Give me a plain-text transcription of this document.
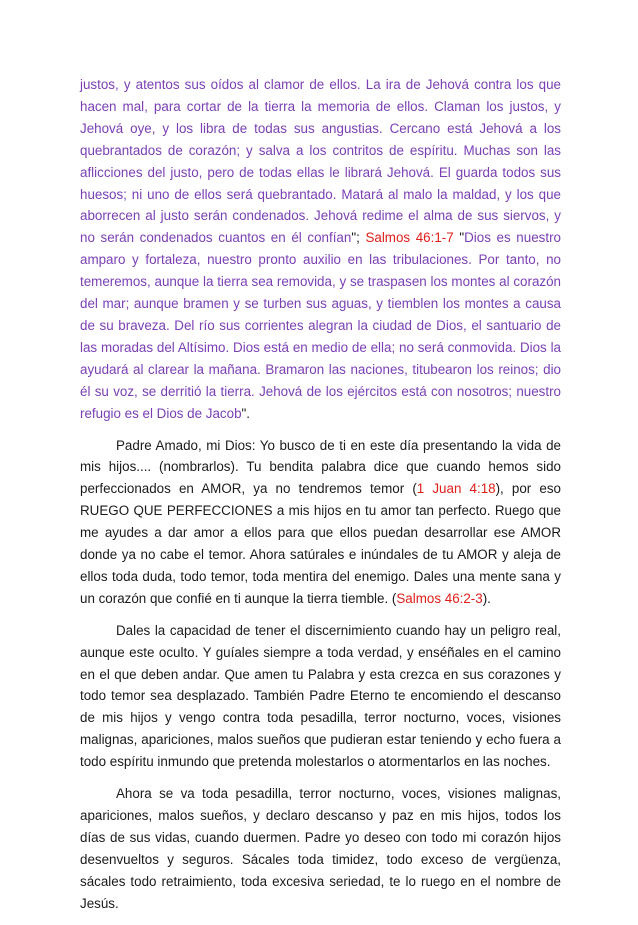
justos, y atentos sus oídos al clamor de ellos. La ira de Jehová contra los que hacen mal, para cortar de la tierra la memoria de ellos. Claman los justos, y Jehová oye, y los libra de todas sus angustias. Cercano está Jehová a los quebrantados de corazón; y salva a los contritos de espíritu. Muchas son las aflicciones del justo, pero de todas ellas le librará Jehová. El guarda todos sus huesos; ni uno de ellos será quebrantado. Matará al malo la maldad, y los que aborrecen al justo serán condenados. Jehová redime el alma de sus siervos, y no serán condenados cuantos en él confían"; Salmos 46:1-7 "Dios es nuestro amparo y fortaleza, nuestro pronto auxilio en las tribulaciones. Por tanto, no temeremos, aunque la tierra sea removida, y se traspasen los montes al corazón del mar; aunque bramen y se turben sus aguas, y tiemblen los montes a causa de su braveza. Del río sus corrientes alegran la ciudad de Dios, el santuario de las moradas del Altísimo. Dios está en medio de ella; no será conmovida. Dios la ayudará al clarear la mañana. Bramaron las naciones, titubearon los reinos; dio él su voz, se derritió la tierra. Jehová de los ejércitos está con nosotros; nuestro refugio es el Dios de Jacob".

Padre Amado, mi Dios: Yo busco de ti en este día presentando la vida de mis hijos.... (nombrarlos). Tu bendita palabra dice que cuando hemos sido perfeccionados en AMOR, ya no tendremos temor (1 Juan 4:18), por eso RUEGO QUE PERFECCIONES a mis hijos en tu amor tan perfecto. Ruego que me ayudes a dar amor a ellos para que ellos puedan desarrollar ese AMOR donde ya no cabe el temor. Ahora satúrales e inúndales de tu AMOR y aleja de ellos toda duda, todo temor, toda mentira del enemigo. Dales una mente sana y un corazón que confié en ti aunque la tierra tiemble. (Salmos 46:2-3).

Dales la capacidad de tener el discernimiento cuando hay un peligro real, aunque este oculto. Y guíales siempre a toda verdad, y enséñales en el camino en el que deben andar. Que amen tu Palabra y esta crezca en sus corazones y todo temor sea desplazado. También Padre Eterno te encomiendo el descanso de mis hijos y vengo contra toda pesadilla, terror nocturno, voces, visiones malignas, apariciones, malos sueños que pudieran estar teniendo y echo fuera a todo espíritu inmundo que pretenda molestarlos o atormentarlos en las noches.

Ahora se va toda pesadilla, terror nocturno, voces, visiones malignas, apariciones, malos sueños, y declaro descanso y paz en mis hijos, todos los días de sus vidas, cuando duermen. Padre yo deseo con todo mi corazón hijos desenvueltos y seguros. Sácales toda timidez, todo exceso de vergüenza, sácales todo retraimiento, toda excesiva seriedad, te lo ruego en el nombre de Jesús.
